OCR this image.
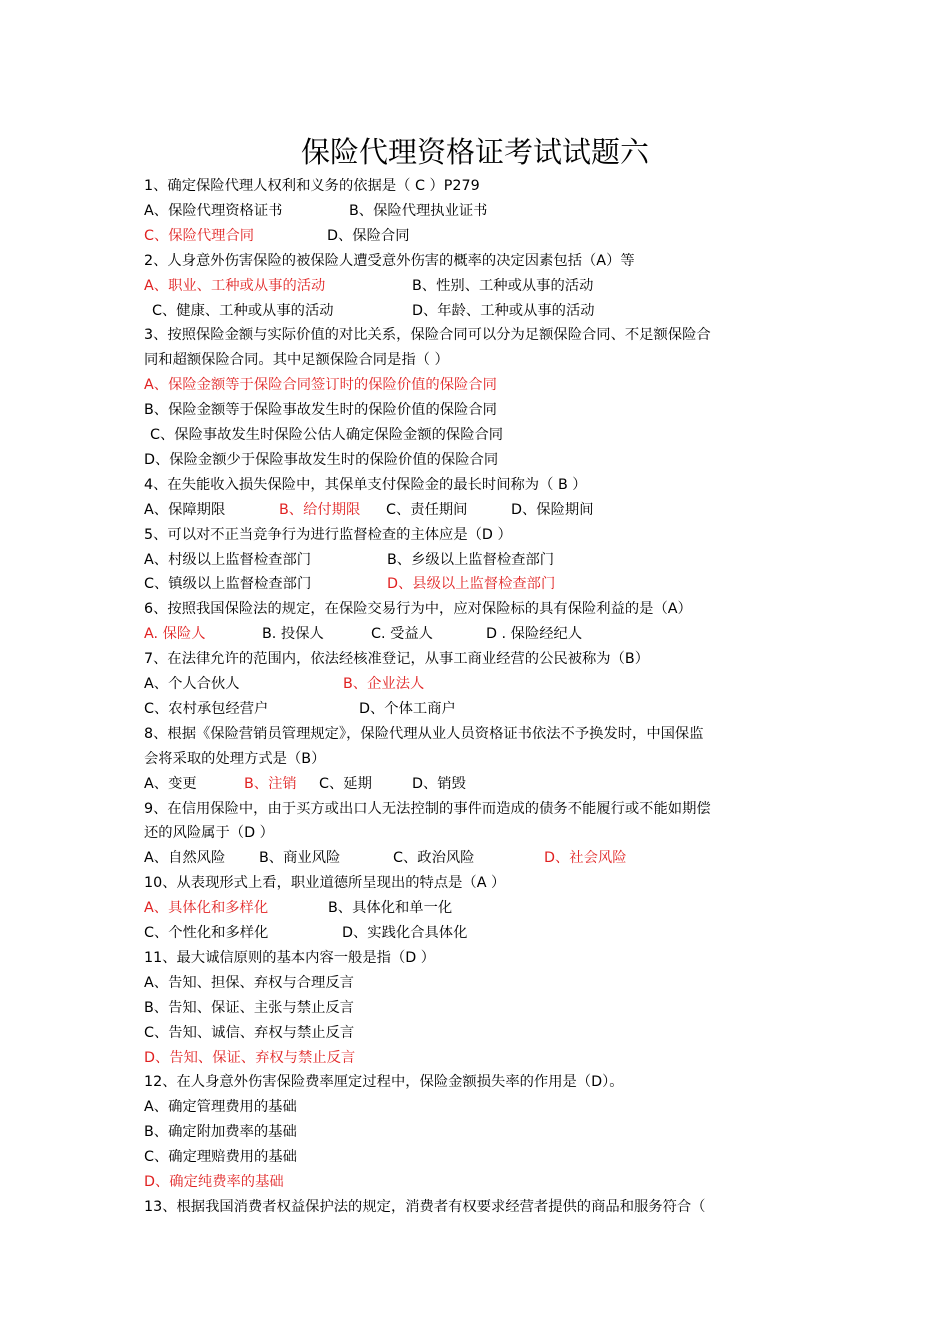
保险代理资格证考试试题六
1、确定保险代理人权利和义务的依据是（ C ）P279
A、保险代理资格证书	B、保险代理执业证书
C、保险代理合同	D、保险合同
2、人身意外伤害保险的被保险人遭受意外伤害的概率的决定因素包括（A）等
A、职业、工种或从事的活动	B、性别、工种或从事的活动
C、健康、工种或从事的活动	D、年龄、工种或从事的活动
3、按照保险金额与实际价值的对比关系，保险合同可以分为足额保险合同、不足额保险合
同和超额保险合同。其中足额保险合同是指（ ）
A、保险金额等于保险合同签订时的保险价值的保险合同
B、保险金额等于保险事故发生时的保险价值的保险合同
C、保险事故发生时保险公估人确定保险金额的保险合同
D、保险金额少于保险事故发生时的保险价值的保险合同
4、在失能收入损失保险中，其保单支付保险金的最长时间称为（ B ）
A、保障期限	B、给付期限 C、责任期间	D、保险期间
5、可以对不正当竞争行为进行监督检查的主体应是（D ）
A、村级以上监督检查部门	B、乡级以上监督检查部门
C、镇级以上监督检查部门	D、县级以上监督检查部门
6、按照我国保险法的规定，在保险交易行为中，应对保险标的具有保险利益的是（A）
A. 保险人	B. 投保人	C. 受益人	D . 保险经纪人
7、在法律允许的范围内，依法经核准登记，从事工商业经营的公民被称为（B）
A、个人合伙人	B、企业法人
C、农村承包经营户	D、个体工商户
8、根据《保险营销员管理规定》，保险代理从业人员资格证书依法不予换发时，中国保监
会将采取的处理方式是（B）
A、变更	B、注销 C、延期	D、销毁
9、在信用保险中，由于买方或出口人无法控制的事件而造成的债务不能履行或不能如期偿
还的风险属于（D ）
A、自然风险 B、商业风险	C、政治风险	D、社会风险
10、从表现形式上看，职业道德所呈现出的特点是（A ）
A、具体化和多样化	B、具体化和单一化
C、个性化和多样化	D、实践化合具体化
11、最大诚信原则的基本内容一般是指（D ）
A、告知、担保、弃权与合理反言
B、告知、保证、主张与禁止反言
C、告知、诚信、弃权与禁止反言
D、告知、保证、弃权与禁止反言
12、在人身意外伤害保险费率厘定过程中，保险金额损失率的作用是（D）。
A、确定管理费用的基础
B、确定附加费率的基础
C、确定理赔费用的基础
D、确定纯费率的基础
13、根据我国消费者权益保护法的规定，消费者有权要求经营者提供的商品和服务符合（
